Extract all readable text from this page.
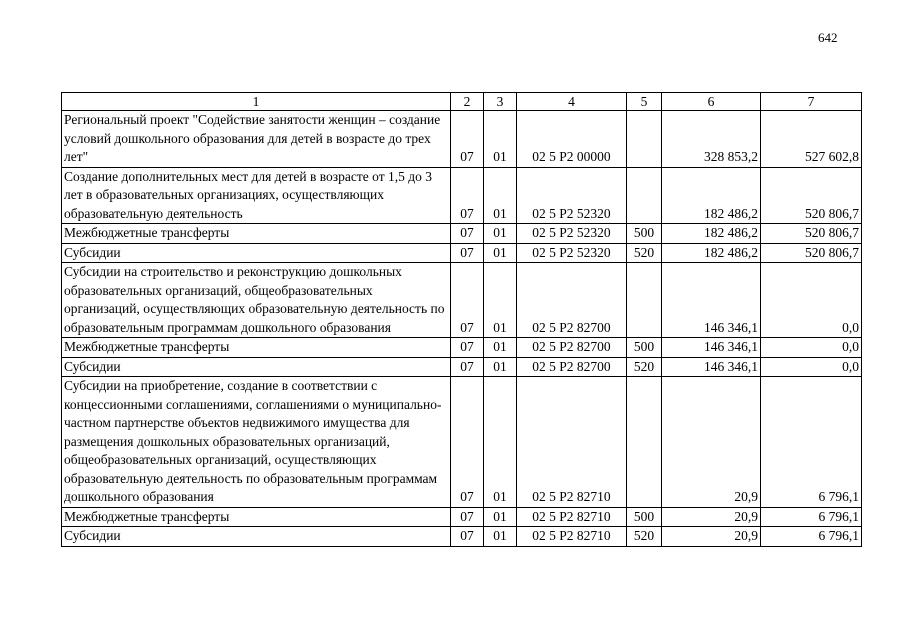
642
1	2	3	4	5	6	7
Региональный проект "Содействие занятости женщин – создание условий дошкольного образования для детей в возрасте до трех лет"	07	01	02 5 P2 00000		328 853,2	527 602,8
Создание дополнительных мест для детей в возрасте от 1,5 до 3 лет в образовательных организациях, осуществляющих образовательную деятельность	07	01	02 5 P2 52320		182 486,2	520 806,7
Межбюджетные трансферты	07	01	02 5 P2 52320	500	182 486,2	520 806,7
Субсидии	07	01	02 5 P2 52320	520	182 486,2	520 806,7
Субсидии на строительство и реконструкцию дошкольных образовательных организаций, общеобразовательных организаций, осуществляющих образовательную деятельность по образовательным программам дошкольного образования	07	01	02 5 P2 82700		146 346,1	0,0
Межбюджетные трансферты	07	01	02 5 P2 82700	500	146 346,1	0,0
Субсидии	07	01	02 5 P2 82700	520	146 346,1	0,0
Субсидии на приобретение, создание в соответствии с концессионными соглашениями, соглашениями о муниципально-частном партнерстве объектов недвижимого имущества для размещения дошкольных образовательных организаций, общеобразовательных организаций, осуществляющих образовательную деятельность по образовательным программам дошкольного образования	07	01	02 5 P2 82710		20,9	6 796,1
Межбюджетные трансферты	07	01	02 5 P2 82710	500	20,9	6 796,1
Субсидии	07	01	02 5 P2 82710	520	20,9	6 796,1
